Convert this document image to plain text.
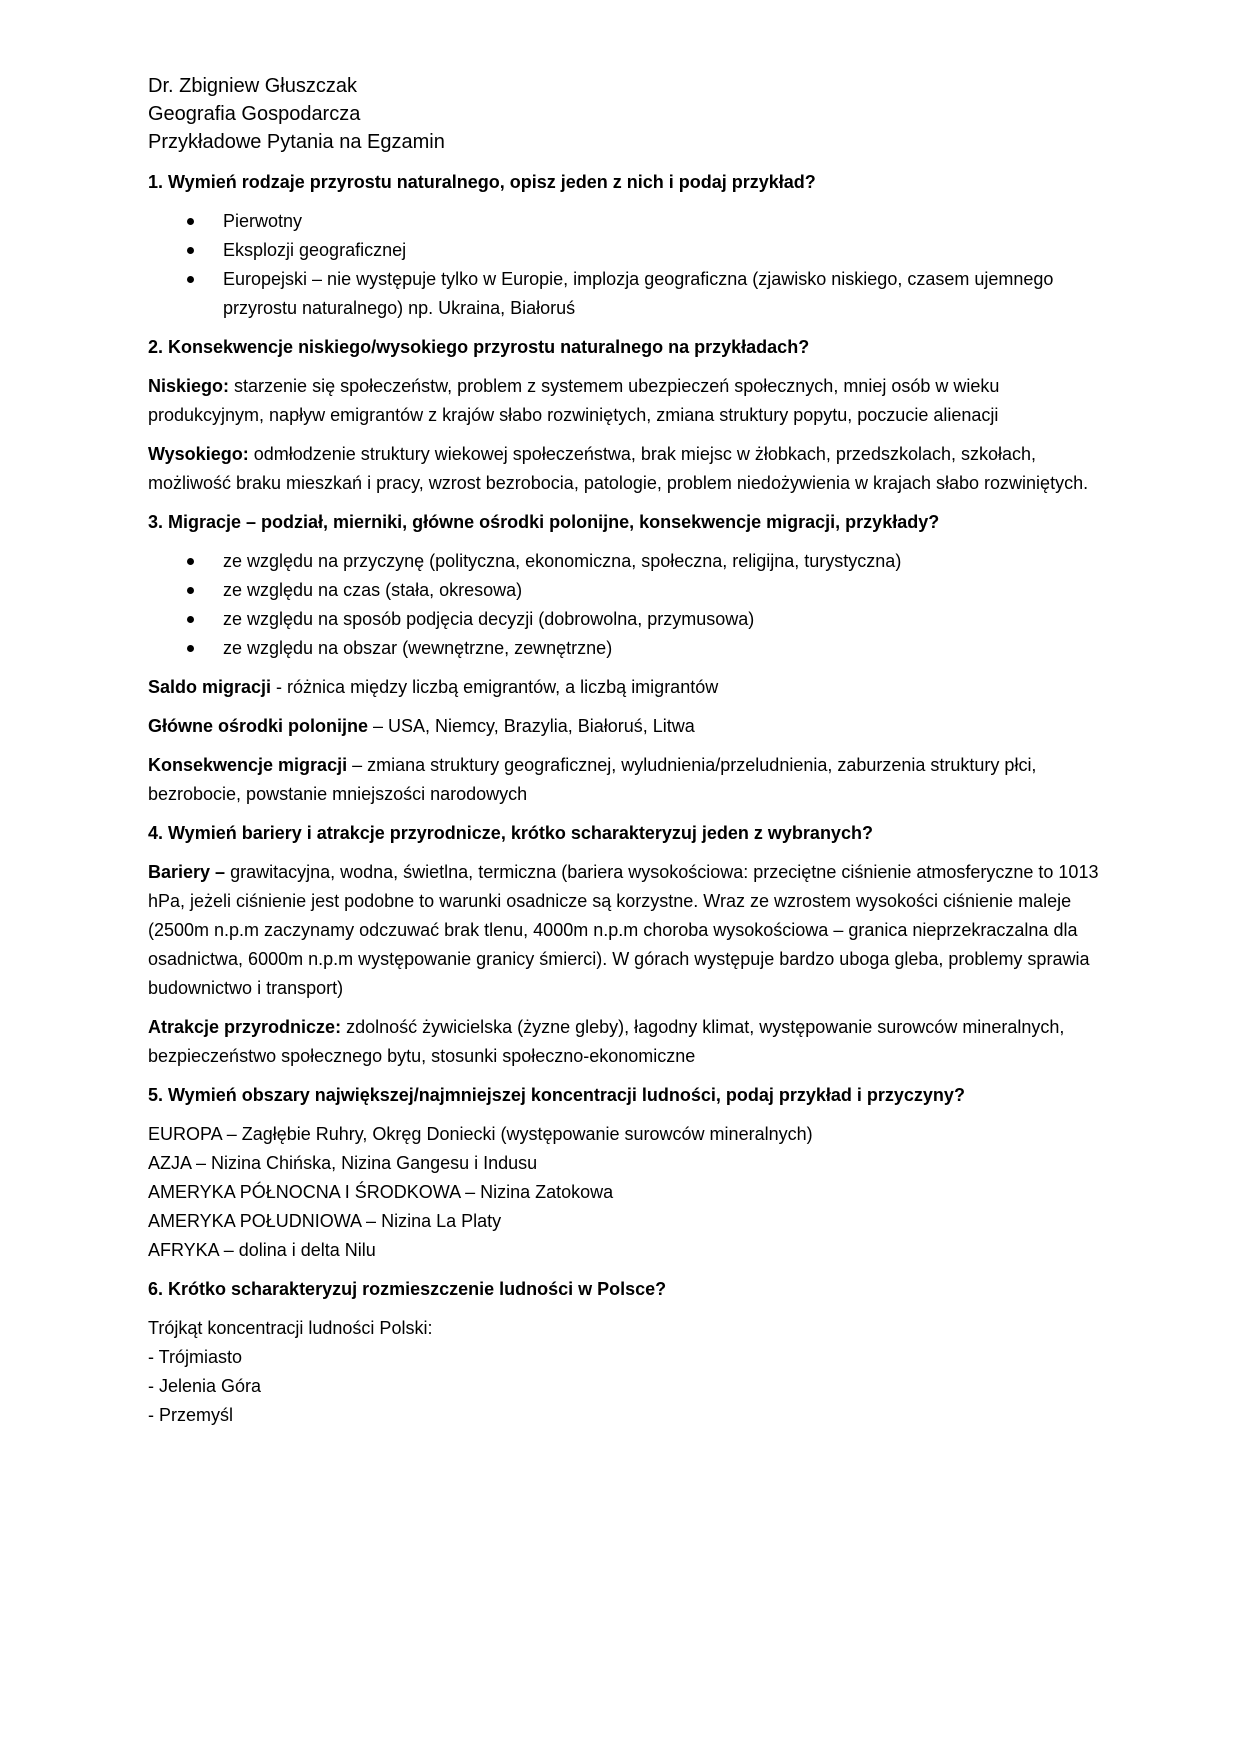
Dr. Zbigniew Głuszczak
Geografia Gospodarcza
Przykładowe Pytania na Egzamin
1. Wymień rodzaje przyrostu naturalnego, opisz jeden z nich i podaj przykład?
Pierwotny
Eksplozji geograficznej
Europejski – nie występuje tylko w Europie, implozja geograficzna (zjawisko niskiego, czasem ujemnego przyrostu naturalnego) np. Ukraina, Białoruś
2. Konsekwencje niskiego/wysokiego przyrostu naturalnego na przykładach?

Niskiego: starzenie się społeczeństw, problem z systemem ubezpieczeń społecznych, mniej osób w wieku produkcyjnym, napływ emigrantów z krajów słabo rozwiniętych, zmiana struktury popytu, poczucie alienacji

Wysokiego: odmłodzenie struktury wiekowej społeczeństwa, brak miejsc w żłobkach, przedszkolach, szkołach, możliwość braku mieszkań i pracy, wzrost bezrobocia, patologie, problem niedożywienia w krajach słabo rozwiniętych.

3. Migracje – podział, mierniki, główne ośrodki polonijne, konsekwencje migracji, przykłady?
ze względu na przyczynę (polityczna, ekonomiczna, społeczna, religijna, turystyczna)
ze względu na czas (stała, okresowa)
ze względu na sposób podjęcia decyzji (dobrowolna, przymusowa)
ze względu na obszar (wewnętrzne, zewnętrzne)

Saldo migracji - różnica między liczbą emigrantów, a liczbą imigrantów

Główne ośrodki polonijne – USA, Niemcy, Brazylia, Białoruś, Litwa

Konsekwencje migracji – zmiana struktury geograficznej, wyludnienia/przeludnienia, zaburzenia struktury płci, bezrobocie, powstanie mniejszości narodowych

4. Wymień bariery i atrakcje przyrodnicze, krótko scharakteryzuj jeden z wybranych?

Bariery – grawitacyjna, wodna, świetlna, termiczna (bariera wysokościowa: przeciętne ciśnienie atmosferyczne to 1013 hPa, jeżeli ciśnienie jest podobne to warunki osadnicze są korzystne. Wraz ze wzrostem wysokości ciśnienie maleje (2500m n.p.m zaczynamy odczuwać brak tlenu, 4000m n.p.m choroba wysokościowa – granica nieprzekraczalna dla osadnictwa, 6000m n.p.m występowanie granicy śmierci). W górach występuje bardzo uboga gleba, problemy sprawia budownictwo i transport)

Atrakcje przyrodnicze: zdolność żywicielska (żyzne gleby), łagodny klimat, występowanie surowców mineralnych, bezpieczeństwo społecznego bytu, stosunki społeczno-ekonomiczne

5. Wymień obszary największej/najmniejszej koncentracji ludności, podaj przykład i przyczyny?
EUROPA – Zagłębie Ruhry, Okręg Doniecki (występowanie surowców mineralnych)
AZJA – Nizina Chińska, Nizina Gangesu i Indusu
AMERYKA PÓŁNOCNA I ŚRODKOWA – Nizina Zatokowa
AMERYKA POŁUDNIOWA – Nizina La Platy
AFRYKA – dolina i delta Nilu
6. Krótko scharakteryzuj rozmieszczenie ludności w Polsce?
Trójkąt koncentracji ludności Polski:
- Trójmiasto
- Jelenia Góra
- Przemyśl
